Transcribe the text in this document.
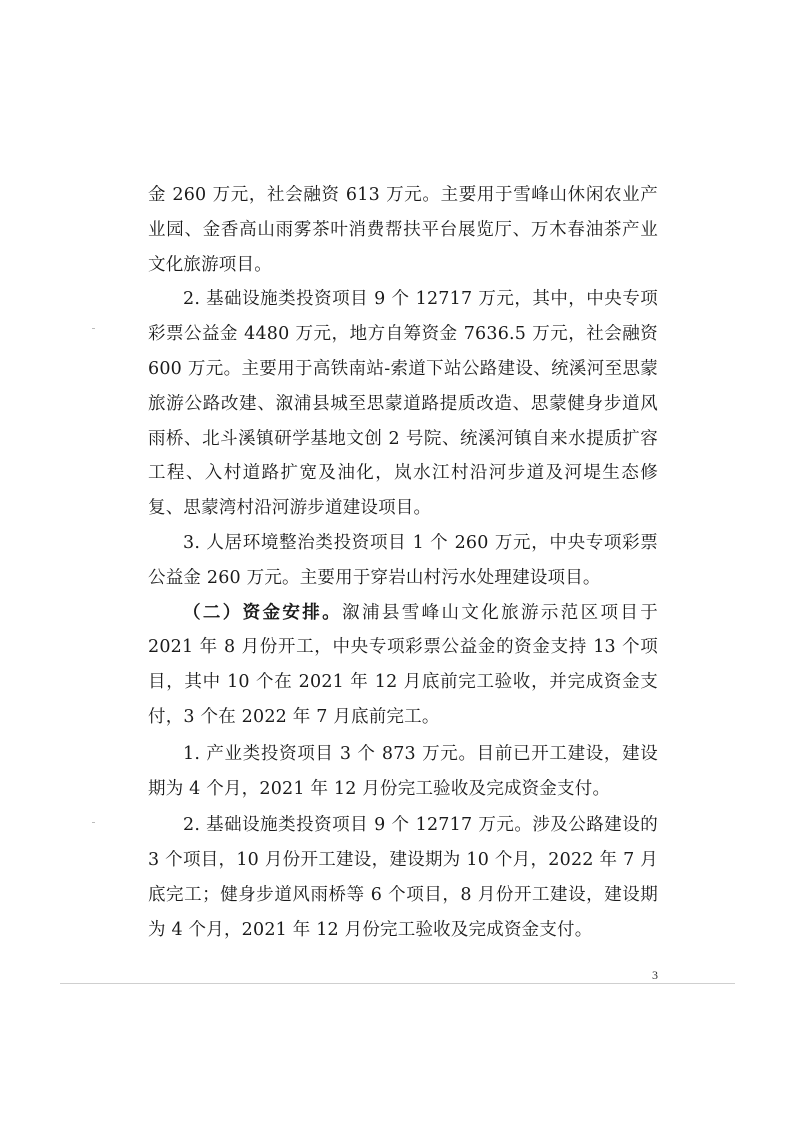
金 260 万元，社会融资 613 万元。主要用于雪峰山休闲农业产业园、金香高山雨雾茶叶消费帮扶平台展览厅、万木春油茶产业文化旅游项目。

2. 基础设施类投资项目 9 个 12717 万元，其中，中央专项彩票公益金 4480 万元，地方自筹资金 7636.5 万元，社会融资 600 万元。主要用于高铁南站-索道下站公路建设、统溪河至思蒙旅游公路改建、溆浦县城至思蒙道路提质改造、思蒙健身步道风雨桥、北斗溪镇研学基地文创 2 号院、统溪河镇自来水提质扩容工程、入村道路扩宽及油化，岚水江村沿河步道及河堤生态修复、思蒙湾村沿河游步道建设项目。

3. 人居环境整治类投资项目 1 个 260 万元，中央专项彩票公益金 260 万元。主要用于穿岩山村污水处理建设项目。

（二）资金安排。溆浦县雪峰山文化旅游示范区项目于 2021 年 8 月份开工，中央专项彩票公益金的资金支持 13 个项目，其中 10 个在 2021 年 12 月底前完工验收，并完成资金支付，3 个在 2022 年 7 月底前完工。

1. 产业类投资项目 3 个 873 万元。目前已开工建设，建设期为 4 个月，2021 年 12 月份完工验收及完成资金支付。

2. 基础设施类投资项目 9 个 12717 万元。涉及公路建设的 3 个项目，10 月份开工建设，建设期为 10 个月，2022 年 7 月底完工；健身步道风雨桥等 6 个项目，8 月份开工建设，建设期为 4 个月，2021 年 12 月份完工验收及完成资金支付。

3
